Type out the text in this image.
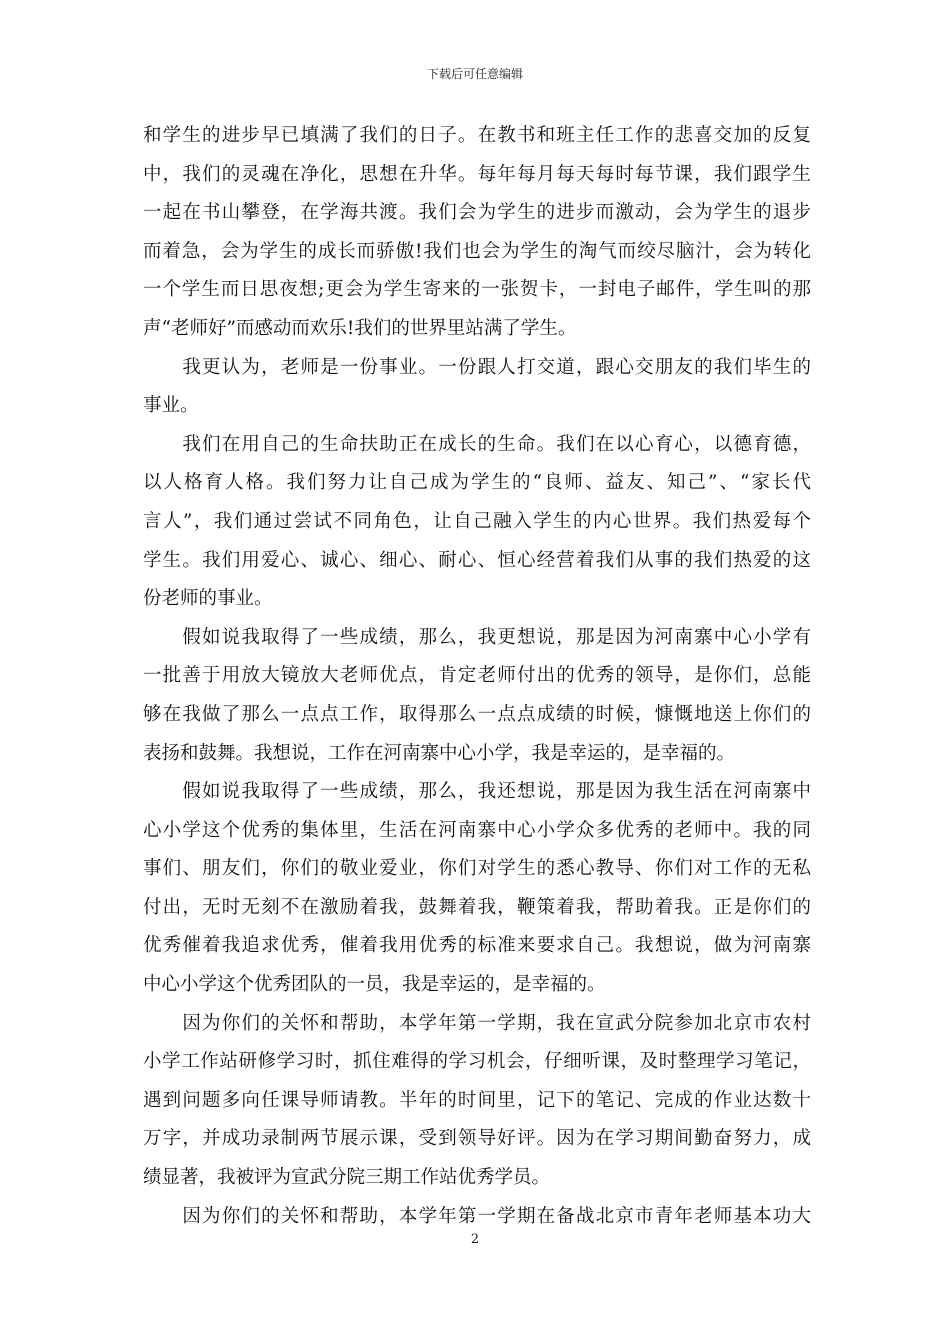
下载后可任意编辑
和学生的进步早已填满了我们的日子。在教书和班主任工作的悲喜交加的反复
中，我们的灵魂在净化，思想在升华。每年每月每天每时每节课，我们跟学生
一起在书山攀登，在学海共渡。我们会为学生的进步而激动，会为学生的退步
而着急，会为学生的成长而骄傲!我们也会为学生的淘气而绞尽脑汁，会为转化
一个学生而日思夜想;更会为学生寄来的一张贺卡，一封电子邮件，学生叫的那
声“老师好”而感动而欢乐!我们的世界里站满了学生。
　　我更认为，老师是一份事业。一份跟人打交道，跟心交朋友的我们毕生的
事业。
　　我们在用自己的生命扶助正在成长的生命。我们在以心育心，以德育德，
以人格育人格。我们努力让自己成为学生的“良师、益友、知己”、“家长代
言人”，我们通过尝试不同角色，让自己融入学生的内心世界。我们热爱每个
学生。我们用爱心、诚心、细心、耐心、恒心经营着我们从事的我们热爱的这
份老师的事业。
　　假如说我取得了一些成绩，那么，我更想说，那是因为河南寨中心小学有
一批善于用放大镜放大老师优点，肯定老师付出的优秀的领导，是你们，总能
够在我做了那么一点点工作，取得那么一点点成绩的时候，慷慨地送上你们的
表扬和鼓舞。我想说，工作在河南寨中心小学，我是幸运的，是幸福的。
　　假如说我取得了一些成绩，那么，我还想说，那是因为我生活在河南寨中
心小学这个优秀的集体里，生活在河南寨中心小学众多优秀的老师中。我的同
事们、朋友们，你们的敬业爱业，你们对学生的悉心教导、你们对工作的无私
付出，无时无刻不在激励着我，鼓舞着我，鞭策着我，帮助着我。正是你们的
优秀催着我追求优秀，催着我用优秀的标准来要求自己。我想说，做为河南寨
中心小学这个优秀团队的一员，我是幸运的，是幸福的。
　　因为你们的关怀和帮助，本学年第一学期，我在宣武分院参加北京市农村
小学工作站研修学习时，抓住难得的学习机会，仔细听课，及时整理学习笔记，
遇到问题多向任课导师请教。半年的时间里，记下的笔记、完成的作业达数十
万字，并成功录制两节展示课，受到领导好评。因为在学习期间勤奋努力，成
绩显著，我被评为宣武分院三期工作站优秀学员。
　　因为你们的关怀和帮助，本学年第一学期在备战北京市青年老师基本功大
2
